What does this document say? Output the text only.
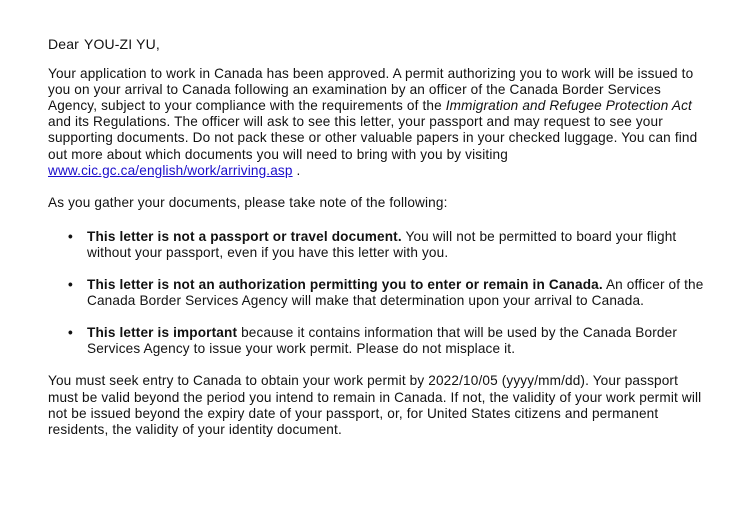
Dear YOU-ZI YU,

Your application to work in Canada has been approved. A permit authorizing you to work will be issued to you on your arrival to Canada following an examination by an officer of the Canada Border Services Agency, subject to your compliance with the requirements of the Immigration and Refugee Protection Act and its Regulations. The officer will ask to see this letter, your passport and may request to see your supporting documents. Do not pack these or other valuable papers in your checked luggage. You can find out more about which documents you will need to bring with you by visiting www.cic.gc.ca/english/work/arriving.asp .

As you gather your documents, please take note of the following:

• This letter is not a passport or travel document. You will not be permitted to board your flight without your passport, even if you have this letter with you.
• This letter is not an authorization permitting you to enter or remain in Canada. An officer of the Canada Border Services Agency will make that determination upon your arrival to Canada.
• This letter is important because it contains information that will be used by the Canada Border Services Agency to issue your work permit. Please do not misplace it.

You must seek entry to Canada to obtain your work permit by 2022/10/05 (yyyy/mm/dd). Your passport must be valid beyond the period you intend to remain in Canada. If not, the validity of your work permit will not be issued beyond the expiry date of your passport, or, for United States citizens and permanent residents, the validity of your identity document.
